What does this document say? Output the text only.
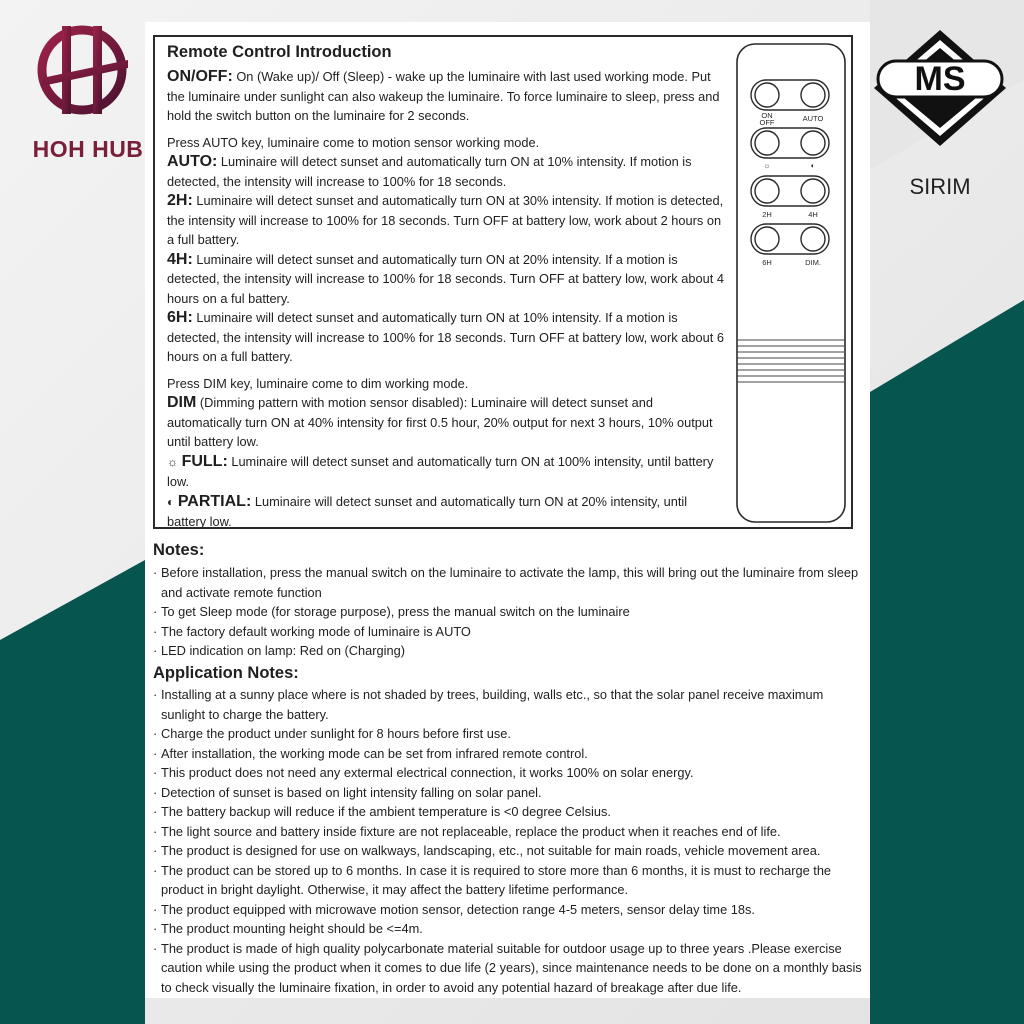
HOH HUB
MS
SIRIM
Remote Control Introduction

ON/OFF: On (Wake up)/ Off (Sleep) - wake up the luminaire with last used working mode. Put the luminaire under sunlight can also wakeup the luminaire. To force luminaire to sleep, press and hold the switch button on the luminaire for 2 seconds.

Press AUTO key, luminaire come to motion sensor working mode.

AUTO: Luminaire will detect sunset and automatically turn ON at 10% intensity. If motion is detected, the intensity will increase to 100% for 18 seconds.

2H: Luminaire will detect sunset and automatically turn ON at 30% intensity. If motion is detected, the intensity will increase to 100% for 18 seconds. Turn OFF at battery low, work about 2 hours on a full battery.

4H: Luminaire will detect sunset and automatically turn ON at 20% intensity. If a motion is detected, the intensity will increase to 100% for 18 seconds. Turn OFF at battery low, work about 4 hours on a ful battery.

6H: Luminaire will detect sunset and automatically turn ON at 10% intensity. If a motion is detected, the intensity will increase to 100% for 18 seconds. Turn OFF at battery low, work about 6 hours on a full battery.

Press DIM key, luminaire come to dim working mode.

DIM (Dimming pattern with motion sensor disabled): Luminaire will detect sunset and automatically turn ON at 40% intensity for first 0.5 hour, 20% output for next 3 hours, 10% output until battery low.

☼ FULL: Luminaire will detect sunset and automatically turn ON at 100% intensity, until battery low.

◐ PARTIAL: Luminaire will detect sunset and automatically turn ON at 20% intensity, until battery low.

ON
OFF	AUTO
☼	◐
2H	4H
6H	DIM.
Notes:
· Before installation, press the manual switch on the luminaire to activate the lamp, this will bring out the luminaire from sleep and activate remote function
· To get Sleep mode (for storage purpose), press the manual switch on the luminaire
· The factory default working mode of luminaire is AUTO
· LED indication on lamp: Red on (Charging)
Application Notes:
· Installing at a sunny place where is not shaded by trees, building, walls etc., so that the solar panel receive maximum sunlight to charge the battery.
· Charge the product under sunlight for 8 hours before first use.
· After installation, the working mode can be set from infrared remote control.
· This product does not need any extermal electrical connection, it works 100% on solar energy.
· Detection of sunset is based on light intensity falling on solar panel.
· The battery backup will reduce if the ambient temperature is <0 degree Celsius.
· The light source and battery inside fixture are not replaceable, replace the product when it reaches end of life.
· The product is designed for use on walkways, landscaping, etc., not suitable for main roads, vehicle movement area.
· The product can be stored up to 6 months. In case it is required to store more than 6 months, it is must to recharge the product in bright daylight. Otherwise, it may affect the battery lifetime performance.
· The product equipped with microwave motion sensor, detection range 4-5 meters, sensor delay time 18s.
· The product mounting height should be <=4m.
· The product is made of high quality polycarbonate material suitable for outdoor usage up to three years .Please exercise caution while using the product when it comes to due life (2 years), since maintenance needs to be done on a monthly basis to check visually the luminaire fixation, in order to avoid any potential hazard of breakage after due life.
